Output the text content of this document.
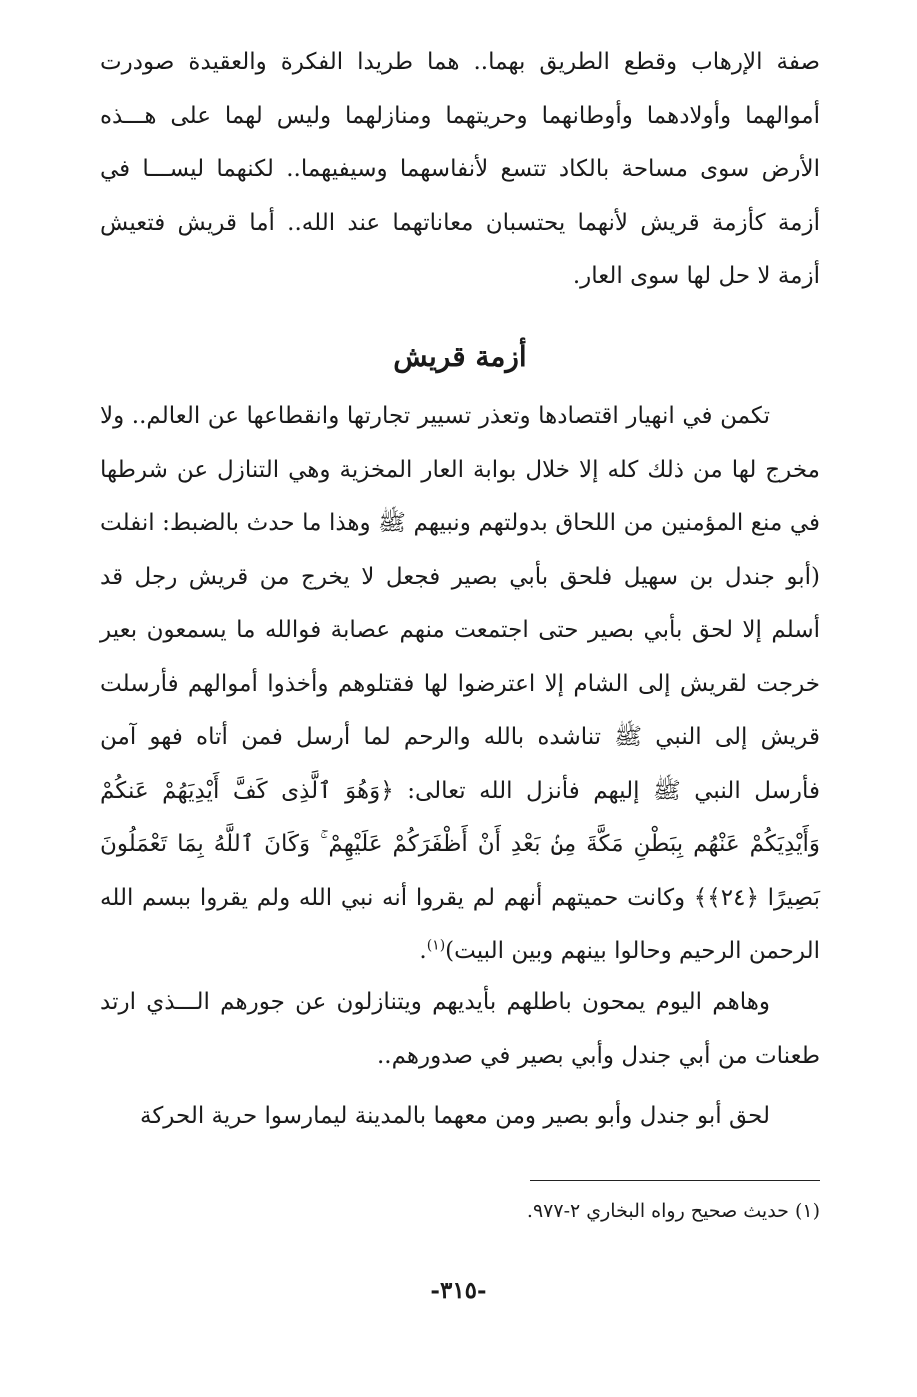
صفة الإرهاب وقطع الطريق بهما.. هما طريدا الفكرة والعقيدة صودرت أموالهما وأولادهما وأوطانهما وحريتهما ومنازلهما وليس لهما على هـــذه الأرض سوى مساحة بالكاد تتسع لأنفاسهما وسيفيهما.. لكنهما ليســـا في أزمة كأزمة قريش لأنهما يحتسبان معاناتهما عند الله.. أما قريش فتعيش أزمة لا حل لها سوى العار.

أزمة قريش

تكمن في انهيار اقتصادها وتعذر تسيير تجارتها وانقطاعها عن العالم.. ولا مخرج لها من ذلك كله إلا خلال بوابة العار المخزية وهي التنازل عن شرطها في منع المؤمنين من اللحاق بدولتهم ونبيهم ﷺ وهذا ما حدث بالضبط: انفلت (أبو جندل بن سهيل فلحق بأبي بصير فجعل لا يخرج من قريش رجل قد أسلم إلا لحق بأبي بصير حتى اجتمعت منهم عصابة فوالله ما يسمعون بعير خرجت لقريش إلى الشام إلا اعترضوا لها فقتلوهم وأخذوا أموالهم فأرسلت قريش إلى النبي ﷺ تناشده بالله والرحم لما أرسل فمن أتاه فهو آمن فأرسل النبي ﷺ إليهم فأنزل الله تعالى: ﴿وَهُوَ ٱلَّذِى كَفَّ أَيْدِيَهُمْ عَنكُمْ وَأَيْدِيَكُمْ عَنْهُم بِبَطْنِ مَكَّةَ مِنۢ بَعْدِ أَنْ أَظْفَرَكُمْ عَلَيْهِمْ ۚ وَكَانَ ٱللَّهُ بِمَا تَعْمَلُونَ بَصِيرًا ﴿٢٤﴾﴾ وكانت حميتهم أنهم لم يقروا أنه نبي الله ولم يقروا ببسم الله الرحمن الرحيم وحالوا بينهم وبين البيت)$^{(١)}$.

وهاهم اليوم يمحون باطلهم بأيديهم ويتنازلون عن جورهم الـــذي ارتد طعنات من أبي جندل وأبي بصير في صدورهم..

لحق أبو جندل وأبو بصير ومن معهما بالمدينة ليمارسوا حرية الحركة

(١) حديث صحيح رواه البخاري ٢-٩٧٧.
-٣١٥-
